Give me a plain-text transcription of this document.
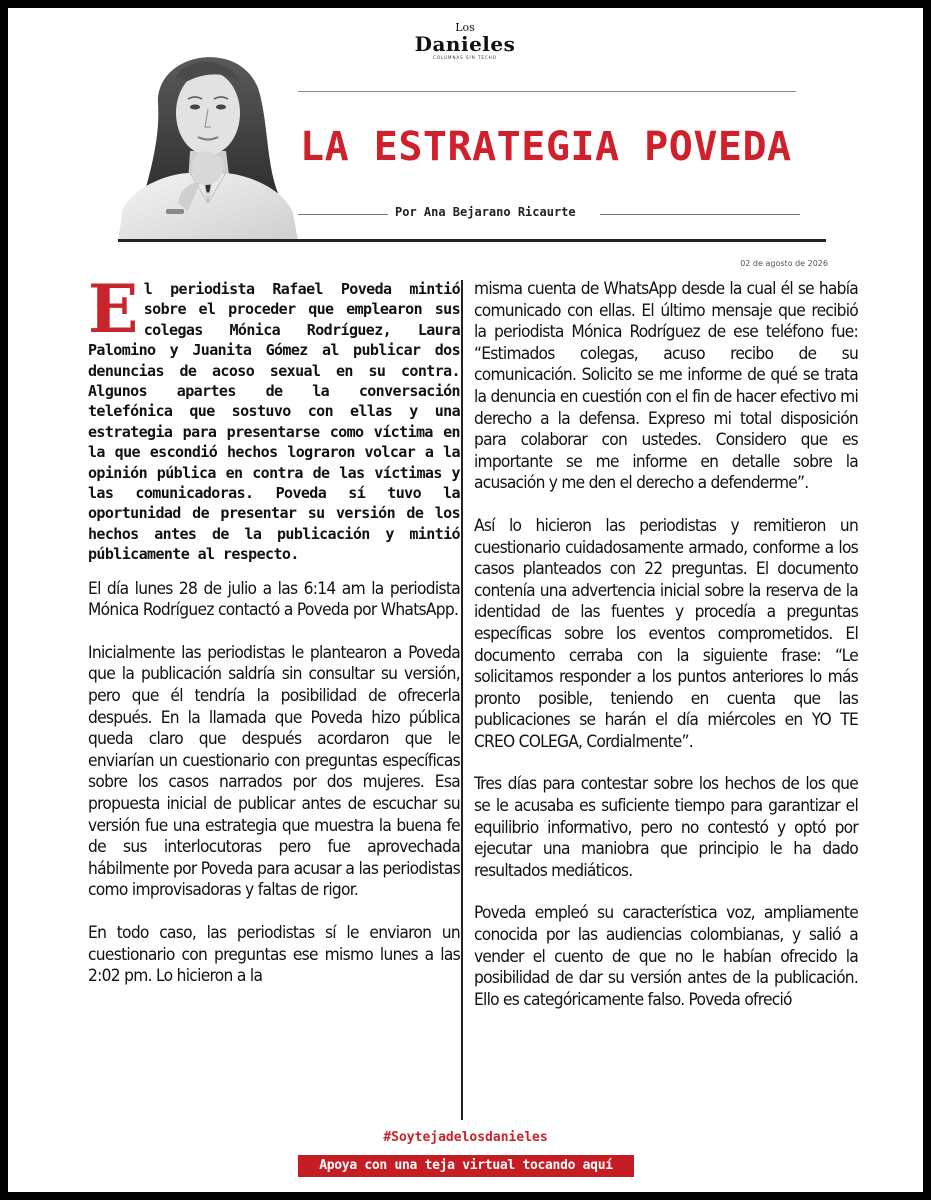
Los
Danieles
COLUMNAS SIN TECHO
LA ESTRATEGIA POVEDA
Por Ana Bejarano Ricaurte
02 de agosto de 2026

El periodista Rafael Poveda mintió sobre el proceder que emplearon sus colegas Mónica Rodríguez, Laura Palomino y Juanita Gómez al publicar dos denuncias de acoso sexual en su contra. Algunos apartes de la conversación telefónica que sostuvo con ellas y una estrategia para presentarse como víctima en la que escondió hechos lograron volcar a la opinión pública en contra de las víctimas y las comunicadoras. Poveda sí tuvo la oportunidad de presentar su versión de los hechos antes de la publicación y mintió públicamente al respecto.

El día lunes 28 de julio a las 6:14 am la periodista Mónica Rodríguez contactó a Poveda por WhatsApp.

Inicialmente las periodistas le plantearon a Poveda que la publicación saldría sin consultar su versión, pero que él tendría la posibilidad de ofrecerla después. En la llamada que Poveda hizo pública queda claro que después acordaron que le enviarían un cuestionario con preguntas específicas sobre los casos narrados por dos mujeres. Esa propuesta inicial de publicar antes de escuchar su versión fue una estrategia que muestra la buena fe de sus interlocutoras pero fue aprovechada hábilmente por Poveda para acusar a las periodistas como improvisadoras y faltas de rigor.

En todo caso, las periodistas sí le enviaron un cuestionario con preguntas ese mismo lunes a las 2:02 pm. Lo hicieron a la

misma cuenta de WhatsApp desde la cual él se había comunicado con ellas. El último mensaje que recibió la periodista Mónica Rodríguez de ese teléfono fue: “Estimados colegas, acuso recibo de su comunicación. Solicito se me informe de qué se trata la denuncia en cuestión con el fin de hacer efectivo mi derecho a la defensa. Expreso mi total disposición para colaborar con ustedes. Considero que es importante se me informe en detalle sobre la acusación y me den el derecho a defenderme”.

Así lo hicieron las periodistas y remitieron un cuestionario cuidadosamente armado, conforme a los casos planteados con 22 preguntas. El documento contenía una advertencia inicial sobre la reserva de la identidad de las fuentes y procedía a preguntas específicas sobre los eventos comprometidos. El documento cerraba con la siguiente frase: “Le solicitamos responder a los puntos anteriores lo más pronto posible, teniendo en cuenta que las publicaciones se harán el día miércoles en YO TE CREO COLEGA, Cordialmente”.

Tres días para contestar sobre los hechos de los que se le acusaba es suficiente tiempo para garantizar el equilibrio informativo, pero no contestó y optó por ejecutar una maniobra que principio le ha dado resultados mediáticos.

Poveda empleó su característica voz, ampliamente conocida por las audiencias colombianas, y salió a vender el cuento de que no le habían ofrecido la posibilidad de dar su versión antes de la publicación. Ello es categóricamente falso. Poveda ofreció

#Soytejadelosdanieles
Apoya con una teja virtual tocando aquí
